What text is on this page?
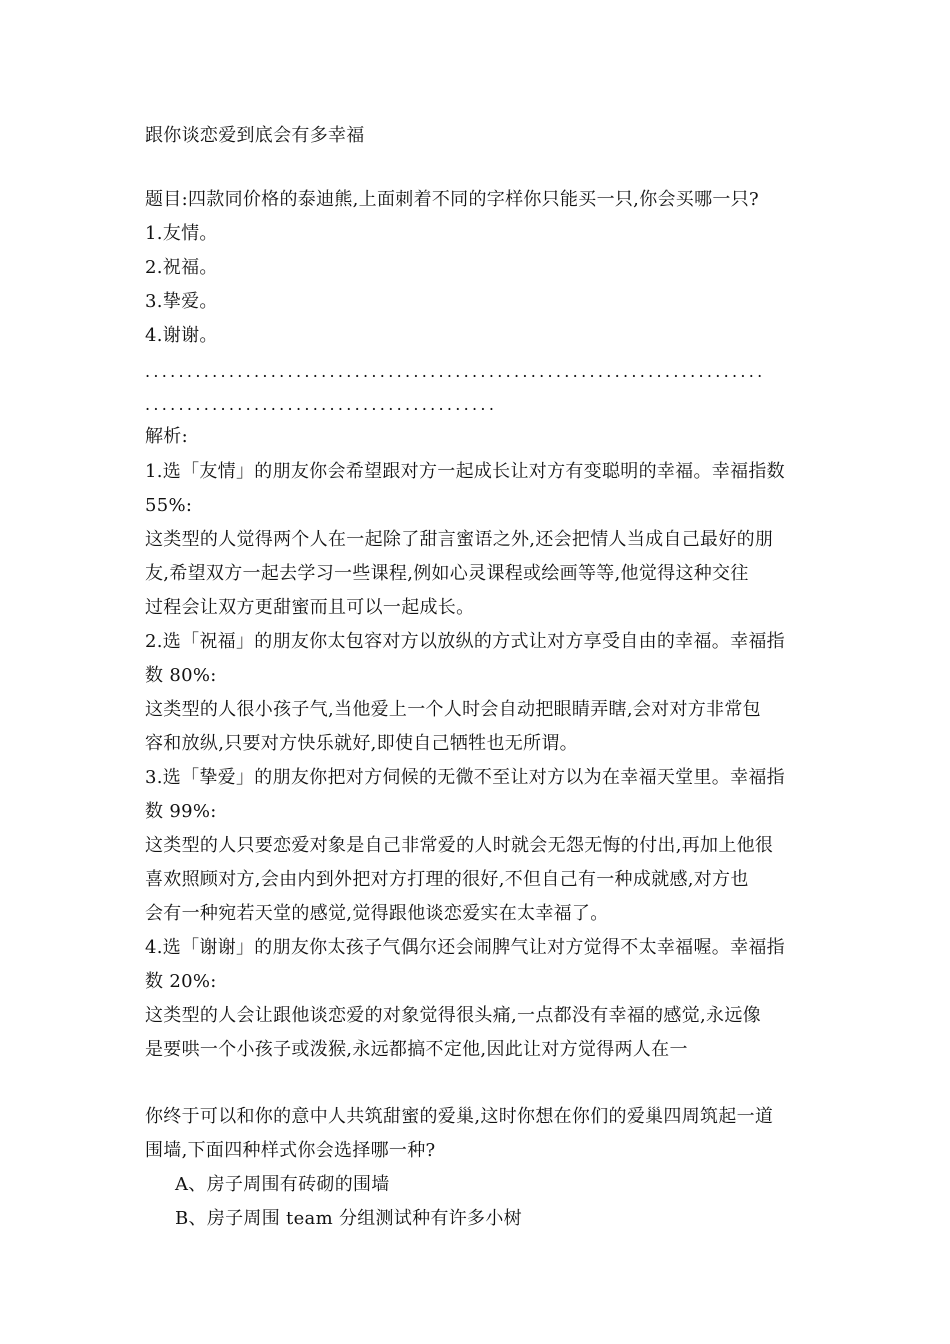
跟你谈恋爱到底会有多幸福
题目:四款同价格的泰迪熊,上面刺着不同的字样你只能买一只,你会买哪一只?
1.友情。
2.祝福。
3.挚爱。
4.谢谢。
..........................................................................
..........................................
解析:
1.选「友情」的朋友你会希望跟对方一起成长让对方有变聪明的幸福。幸福指数
55%:
这类型的人觉得两个人在一起除了甜言蜜语之外,还会把情人当成自己最好的朋
友,希望双方一起去学习一些课程,例如心灵课程或绘画等等,他觉得这种交往
过程会让双方更甜蜜而且可以一起成长。
2.选「祝福」的朋友你太包容对方以放纵的方式让对方享受自由的幸福。幸福指
数 80%:
这类型的人很小孩子气,当他爱上一个人时会自动把眼睛弄瞎,会对对方非常包
容和放纵,只要对方快乐就好,即使自己牺牲也无所谓。
3.选「挚爱」的朋友你把对方伺候的无微不至让对方以为在幸福天堂里。幸福指
数 99%:
这类型的人只要恋爱对象是自己非常爱的人时就会无怨无悔的付出,再加上他很
喜欢照顾对方,会由内到外把对方打理的很好,不但自己有一种成就感,对方也
会有一种宛若天堂的感觉,觉得跟他谈恋爱实在太幸福了。
4.选「谢谢」的朋友你太孩子气偶尔还会闹脾气让对方觉得不太幸福喔。幸福指
数 20%:
这类型的人会让跟他谈恋爱的对象觉得很头痛,一点都没有幸福的感觉,永远像
是要哄一个小孩子或泼猴,永远都搞不定他,因此让对方觉得两人在一
你终于可以和你的意中人共筑甜蜜的爱巢,这时你想在你们的爱巢四周筑起一道
围墙,下面四种样式你会选择哪一种?
A、房子周围有砖砌的围墙
B、房子周围 team 分组测试种有许多小树
